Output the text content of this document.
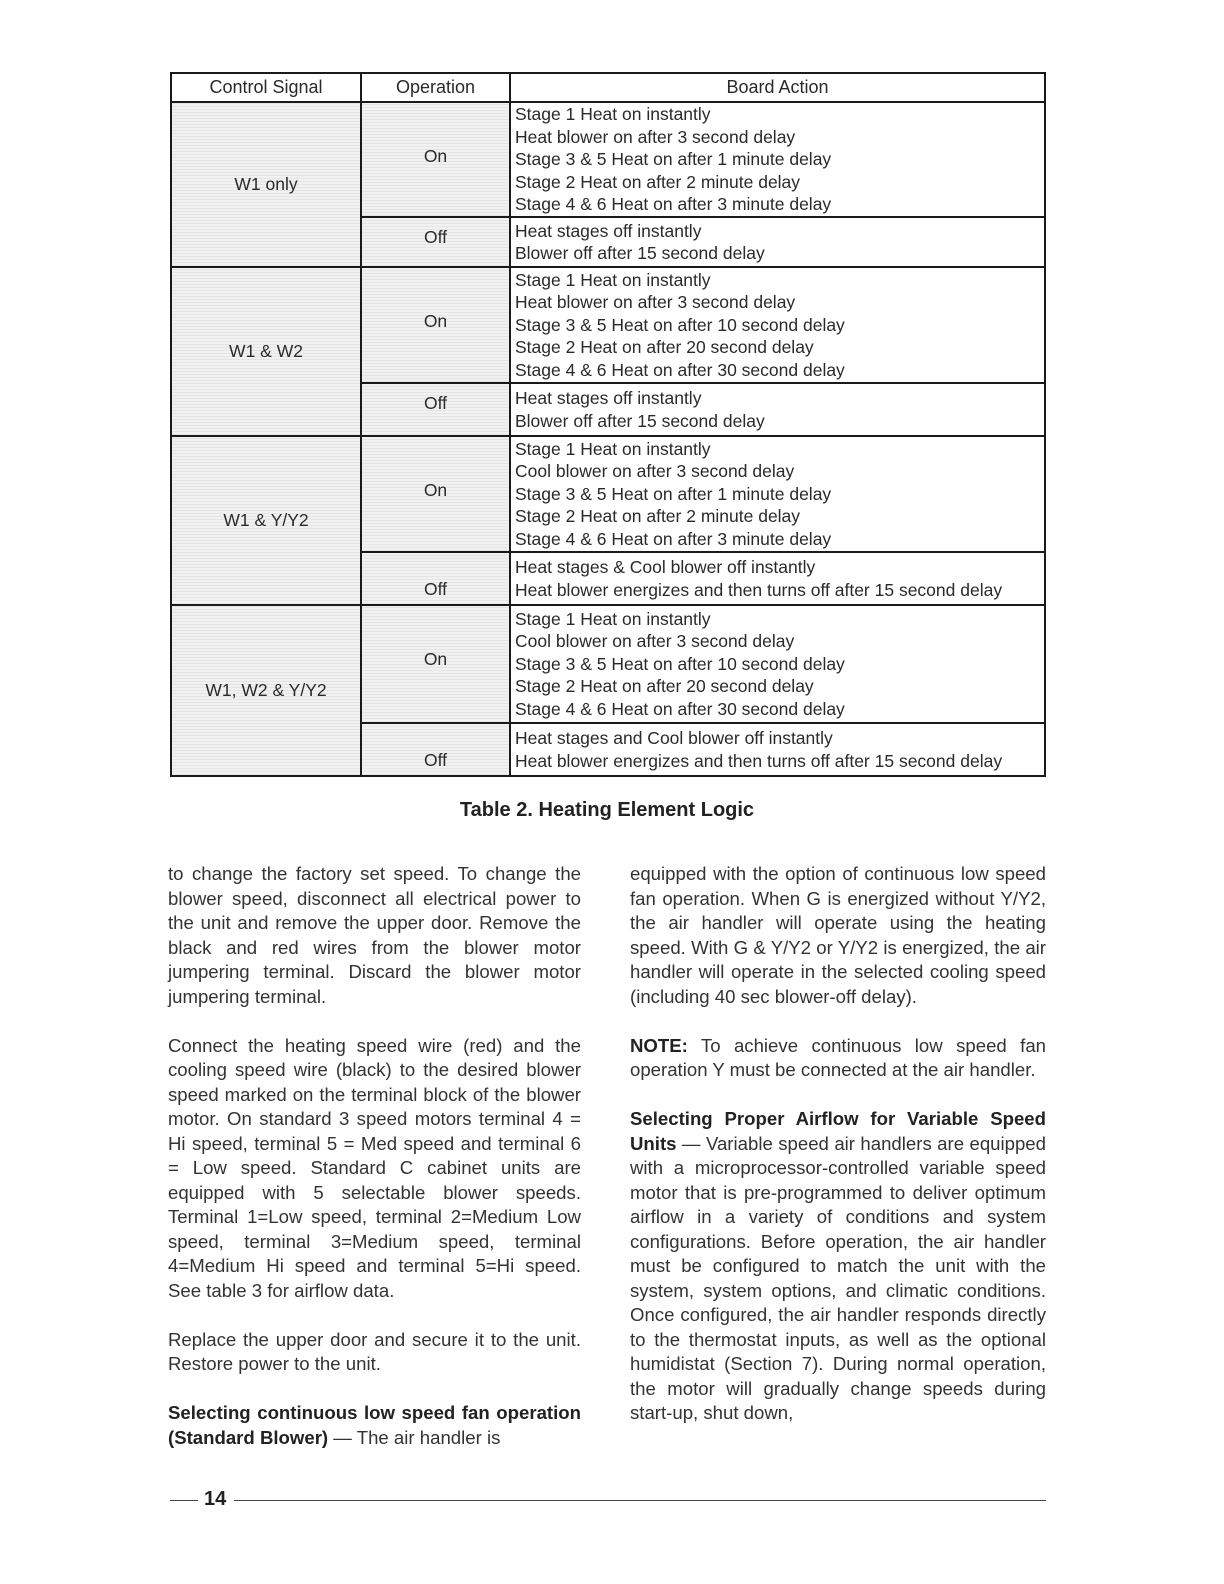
Control Signal	Operation	Board Action
W1 only	On	Stage 1 Heat on instantly
Heat blower on after 3 second delay
Stage 3 & 5 Heat on after 1 minute delay
Stage 2 Heat on after 2 minute delay
Stage 4 & 6 Heat on after 3 minute delay

	Off	Heat stages off instantly
Blower off after 15 second delay

W1 & W2	On	Stage 1 Heat on instantly
Heat blower on after 3 second delay
Stage 3 & 5 Heat on after 10 second delay
Stage 2 Heat on after 20 second delay
Stage 4 & 6 Heat on after 30 second delay

	Off	Heat stages off instantly
Blower off after 15 second delay

W1 & Y/Y2	On	Stage 1 Heat on instantly
Cool blower on after 3 second delay
Stage 3 & 5 Heat on after 1 minute delay
Stage 2 Heat on after 2 minute delay
Stage 4 & 6 Heat on after 3 minute delay

	Off	Heat stages & Cool blower off instantly
Heat blower energizes and then turns off after 15 second delay

W1, W2 & Y/Y2	On	Stage 1 Heat on instantly
Cool blower on after 3 second delay
Stage 3 & 5 Heat on after 10 second delay
Stage 2 Heat on after 20 second delay
Stage 4 & 6 Heat on after 30 second delay

	Off	Heat stages and Cool blower off instantly
Heat blower energizes and then turns off after 15 second delay
Table 2. Heating Element Logic

to change the factory set speed. To change the blower speed, disconnect all electrical power to the unit and remove the upper door. Remove the black and red wires from the blower motor jumpering terminal. Discard the blower motor jumpering terminal.

Connect the heating speed wire (red) and the cooling speed wire (black) to the desired blower speed marked on the terminal block of the blower motor. On standard 3 speed motors terminal 4 = Hi speed, terminal 5 = Med speed and terminal 6 = Low speed. Standard C cabinet units are equipped with 5 selectable blower speeds. Terminal 1=Low speed, terminal 2=Medium Low speed, terminal 3=Medium speed, terminal 4=Medium Hi speed and terminal 5=Hi speed. See table 3 for airflow data.

Replace the upper door and secure it to the unit. Restore power to the unit.

Selecting continuous low speed fan operation (Standard Blower) — The air handler is

equipped with the option of continuous low speed fan operation. When G is energized without Y/Y2, the air handler will operate using the heating speed. With G & Y/Y2 or Y/Y2 is energized, the air handler will operate in the selected cooling speed (including 40 sec blower-off delay).

NOTE: To achieve continuous low speed fan operation Y must be connected at the air handler.

Selecting Proper Airflow for Variable Speed Units — Variable speed air handlers are equipped with a microprocessor-controlled variable speed motor that is pre-programmed to deliver optimum airflow in a variety of conditions and system configurations. Before operation, the air handler must be configured to match the unit with the system, system options, and climatic conditions. Once configured, the air handler responds directly to the thermostat inputs, as well as the optional humidistat (Section 7). During normal operation, the motor will gradually change speeds during start-up, shut down,

14
